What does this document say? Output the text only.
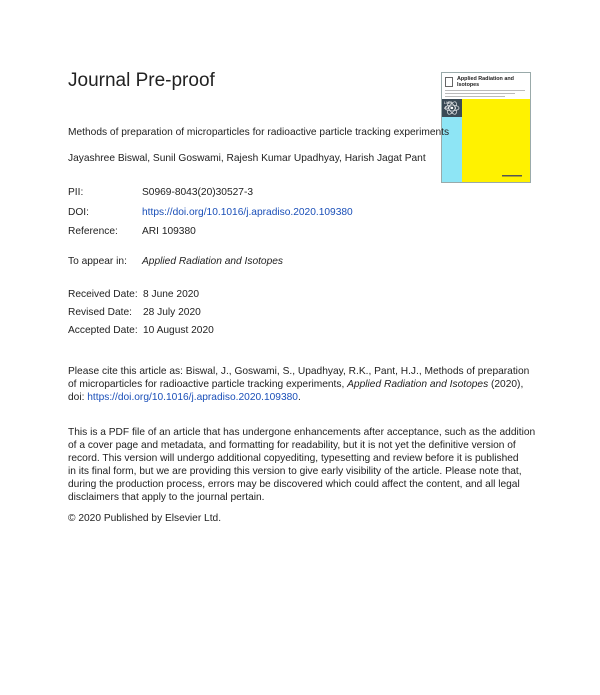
Journal Pre-proof	Applied Radiation and
Isotopes
LNG
AVT
Methods of preparation of microparticles for radioactive particle tracking experiments
Jayashree Biswal, Sunil Goswami, Rajesh Kumar Upadhyay, Harish Jagat Pant
PII:	S0969-8043(20)30527-3
DOI:	https://doi.org/10.1016/j.apradiso.2020.109380
Reference: ARI 109380
To appear in: Applied Radiation and Isotopes
Received Date: 8 June 2020
Revised Date: 28 July 2020
Accepted Date: 10 August 2020
Please cite this article as: Biswal, J., Goswami, S., Upadhyay, R.K., Pant, H.J., Methods of preparation
of microparticles for radioactive particle tracking experiments, Applied Radiation and Isotopes (2020),
doi: https://doi.org/10.1016/j.apradiso.2020.109380.
This is a PDF file of an article that has undergone enhancements after acceptance, such as the addition
of a cover page and metadata, and formatting for readability, but it is not yet the definitive version of
record. This version will undergo additional copyediting, typesetting and review before it is published
in its final form, but we are providing this version to give early visibility of the article. Please note that,
during the production process, errors may be discovered which could affect the content, and all legal
disclaimers that apply to the journal pertain.
© 2020 Published by Elsevier Ltd.
